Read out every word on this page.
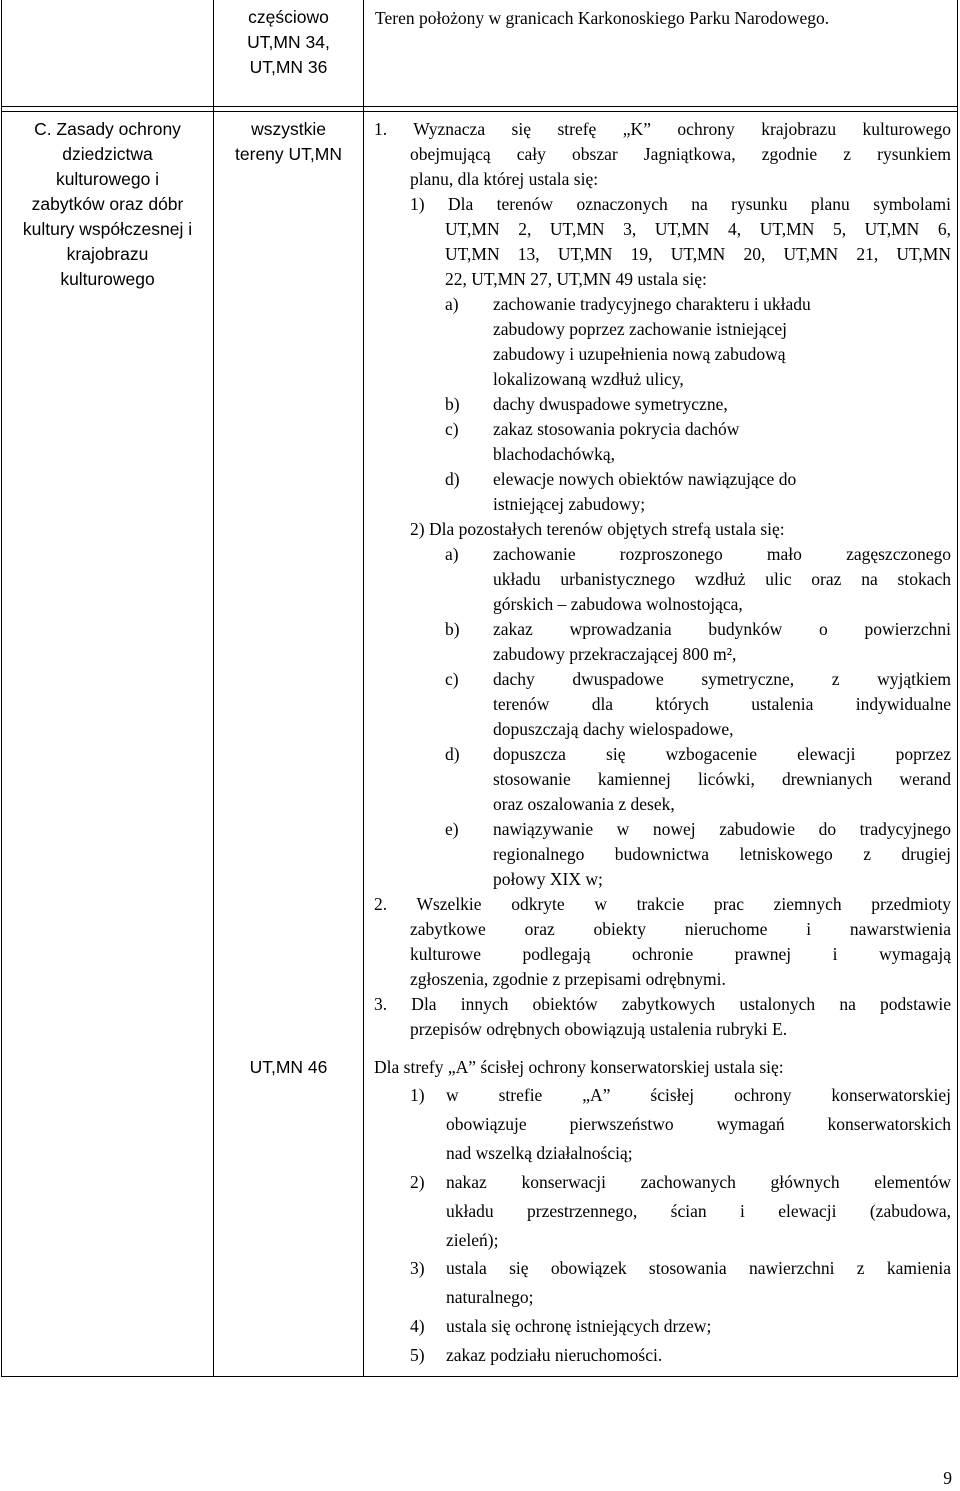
częściowo

UT,MN 34,

UT,MN 36

Teren położony w granicach Karkonoskiego Parku Narodowego.

C. Zasady ochrony

dziedzictwa

kulturowego i

zabytków oraz dóbr

kultury współczesnej i

krajobrazu

kulturowego

wszystkie

tereny UT,MN

UT,MN 46
1. Wyznacza się strefę „K” ochrony krajobrazu kulturowego
obejmującą cały obszar Jagniątkowa, zgodnie z rysunkiem
planu, dla której ustala się:
1) Dla terenów oznaczonych na rysunku planu symbolami
UT,MN 2, UT,MN 3, UT,MN 4, UT,MN 5, UT,MN 6,
UT,MN 13, UT,MN 19, UT,MN 20, UT,MN 21, UT,MN
22, UT,MN 27, UT,MN 49 ustala się:
a) zachowanie tradycyjnego charakteru i układu
zabudowy poprzez zachowanie istniejącej
zabudowy i uzupełnienia nową zabudową
lokalizowaną wzdłuż ulicy,
b) dachy dwuspadowe symetryczne,
c) zakaz stosowania pokrycia dachów
blachodachówką,
d) elewacje nowych obiektów nawiązujące do
istniejącej zabudowy;
2) Dla pozostałych terenów objętych strefą ustala się:
a) zachowanie rozproszonego mało zagęszczonego
układu urbanistycznego wzdłuż ulic oraz na stokach
górskich – zabudowa wolnostojąca,
b) zakaz wprowadzania budynków o powierzchni
zabudowy przekraczającej 800 m²,
c) dachy dwuspadowe symetryczne, z wyjątkiem
terenów dla których ustalenia indywidualne
dopuszczają dachy wielospadowe,
d) dopuszcza się wzbogacenie elewacji poprzez
stosowanie kamiennej licówki, drewnianych werand
oraz oszalowania z desek,
e) nawiązywanie w nowej zabudowie do tradycyjnego
regionalnego budownictwa letniskowego z drugiej
połowy XIX w;
2. Wszelkie odkryte w trakcie prac ziemnych przedmioty
zabytkowe oraz obiekty nieruchome i nawarstwienia
kulturowe podlegają ochronie prawnej i wymagają
zgłoszenia, zgodnie z przepisami odrębnymi.
3. Dla innych obiektów zabytkowych ustalonych na podstawie
przepisów odrębnych obowiązują ustalenia rubryki E.
Dla strefy „A” ścisłej ochrony konserwatorskiej ustala się:
1) w strefie „A” ścisłej ochrony konserwatorskiej
obowiązuje pierwszeństwo wymagań konserwatorskich
nad wszelką działalnością;
2) nakaz konserwacji zachowanych głównych elementów
układu przestrzennego, ścian i elewacji (zabudowa,
zieleń);
3) ustala się obowiązek stosowania nawierzchni z kamienia
naturalnego;
4) ustala się ochronę istniejących drzew;
5) zakaz podziału nieruchomości.
9
